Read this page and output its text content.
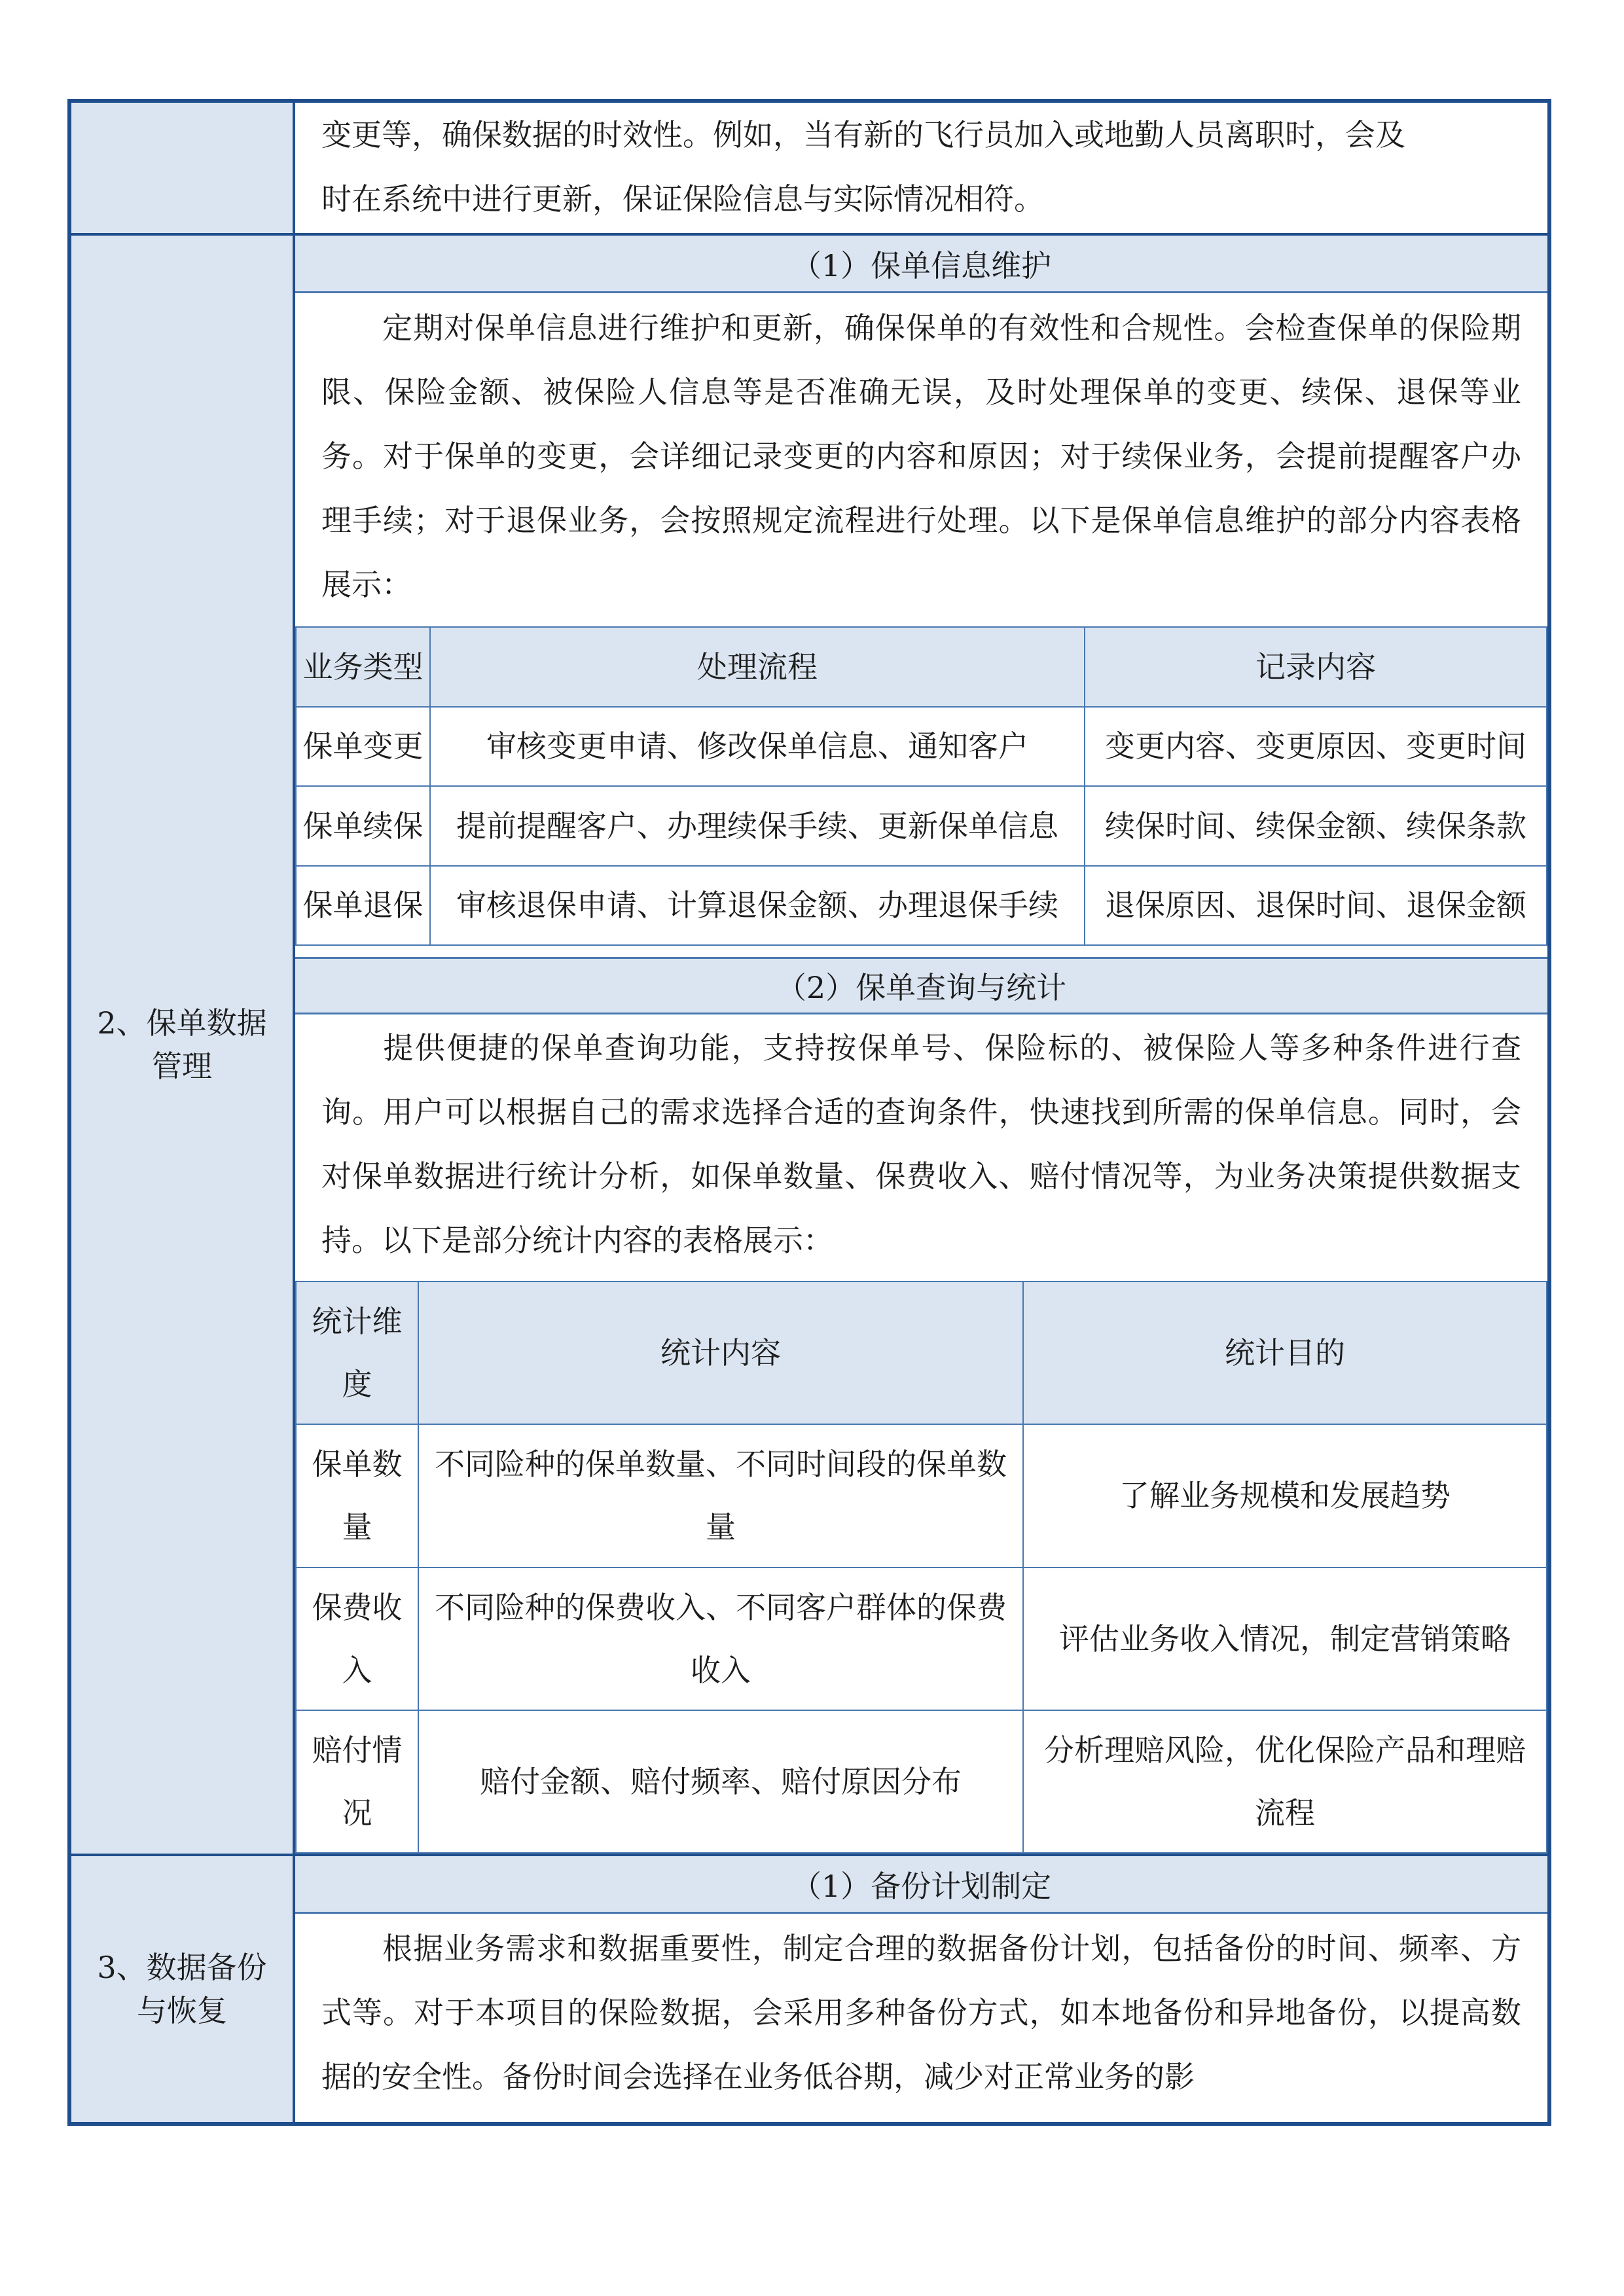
变更等，确保数据的时效性。例如，当有新的飞行员加入或地勤人员离职时，会及
时在系统中进行更新，保证保险信息与实际情况相符。

2、保单数据管理
（1）保单信息维护

定期对保单信息进行维护和更新，确保保单的有效性和合规性。会检查保单的保险期限、保险金额、被保险人信息等是否准确无误，及时处理保单的变更、续保、退保等业务。对于保单的变更，会详细记录变更的内容和原因；对于续保业务，会提前提醒客户办理手续；对于退保业务，会按照规定流程进行处理。以下是保单信息维护的部分内容表格展示：

业务类型	处理流程	记录内容
保单变更	审核变更申请、修改保单信息、通知客户	变更内容、变更原因、变更时间
保单续保	提前提醒客户、办理续保手续、更新保单信息	续保时间、续保金额、续保条款
保单退保	审核退保申请、计算退保金额、办理退保手续	退保原因、退保时间、退保金额
（2）保单查询与统计

提供便捷的保单查询功能，支持按保单号、保险标的、被保险人等多种条件进行查询。用户可以根据自己的需求选择合适的查询条件，快速找到所需的保单信息。同时，会对保单数据进行统计分析，如保单数量、保费收入、赔付情况等，为业务决策提供数据支持。以下是部分统计内容的表格展示：

统计维度	统计内容	统计目的
保单数量	不同险种的保单数量、不同时间段的保单数量	了解业务规模和发展趋势
保费收入	不同险种的保费收入、不同客户群体的保费收入	评估业务收入情况，制定营销策略
赔付情况	赔付金额、赔付频率、赔付原因分布	分析理赔风险，优化保险产品和理赔流程
3、数据备份与恢复
（1）备份计划制定

根据业务需求和数据重要性，制定合理的数据备份计划，包括备份的时间、频率、方式等。对于本项目的保险数据，会采用多种备份方式，如本地备份和异地备份，以提高数据的安全性。备份时间会选择在业务低谷期，减少对正常业务的影
